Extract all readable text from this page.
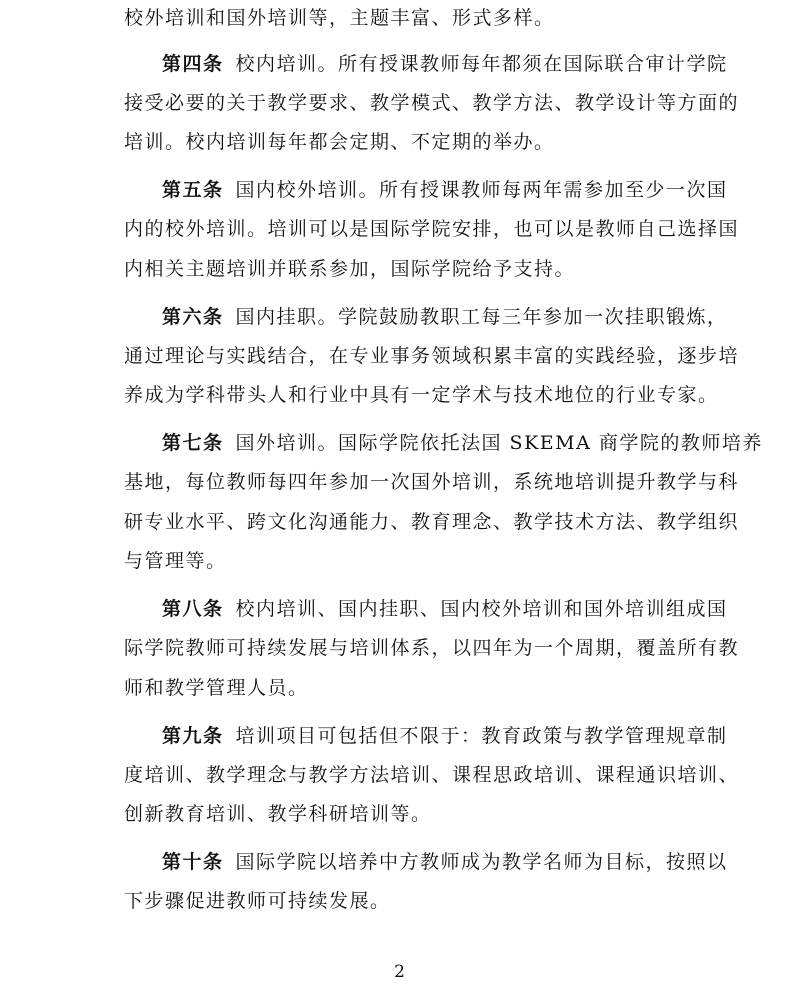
校外培训和国外培训等，主题丰富、形式多样。
第四条 校内培训。所有授课教师每年都须在国际联合审计学院
接受必要的关于教学要求、教学模式、教学方法、教学设计等方面的
培训。校内培训每年都会定期、不定期的举办。
第五条 国内校外培训。所有授课教师每两年需参加至少一次国
内的校外培训。培训可以是国际学院安排，也可以是教师自己选择国
内相关主题培训并联系参加，国际学院给予支持。
第六条 国内挂职。学院鼓励教职工每三年参加一次挂职锻炼，
通过理论与实践结合，在专业事务领域积累丰富的实践经验，逐步培
养成为学科带头人和行业中具有一定学术与技术地位的行业专家。
第七条 国外培训。国际学院依托法国 SKEMA 商学院的教师培养
基地，每位教师每四年参加一次国外培训，系统地培训提升教学与科
研专业水平、跨文化沟通能力、教育理念、教学技术方法、教学组织
与管理等。
第八条 校内培训、国内挂职、国内校外培训和国外培训组成国
际学院教师可持续发展与培训体系，以四年为一个周期，覆盖所有教
师和教学管理人员。
第九条 培训项目可包括但不限于：教育政策与教学管理规章制
度培训、教学理念与教学方法培训、课程思政培训、课程通识培训、
创新教育培训、教学科研培训等。
第十条 国际学院以培养中方教师成为教学名师为目标，按照以
下步骤促进教师可持续发展。
2
